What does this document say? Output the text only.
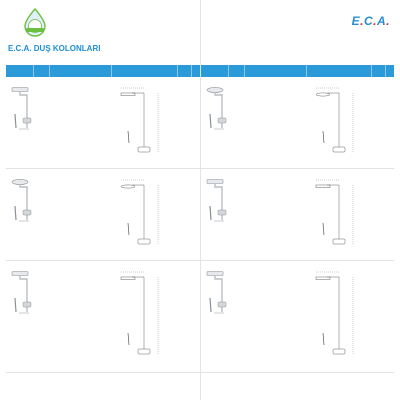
E.C.A. DUŞ KOLONLARI
E.C.A.
